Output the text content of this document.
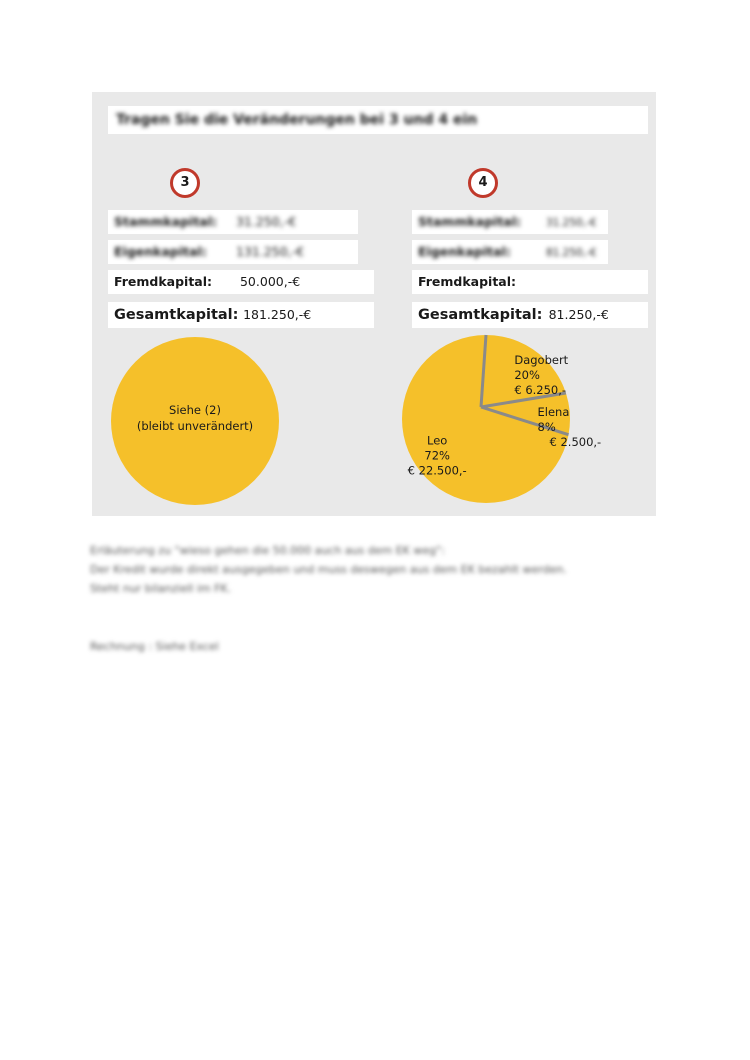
Tragen Sie die Veränderungen bei 3 und 4 ein
3
Stammkapital: 31.250,-€
Eigenkapital: 131.250,-€
Fremdkapital: 50.000,-€
Gesamtkapital: 181.250,-€
4
Stammkapital: 31.250,-€
Eigenkapital:	81.250,-€
Fremdkapital:
Gesamtkapital: 81.250,-€
Siehe (2)
(bleibt unverändert)
Dagobert
20%
€ 6.250,-
Elena
8%
€ 2.500,-
Leo
72%
€ 22.500,-
Erläuterung zu "wieso gehen die 50.000 auch aus dem EK weg":
Der Kredit wurde direkt ausgegeben und muss deswegen aus dem EK bezahlt werden.
Steht nur bilanziell im FK.
Rechnung : Siehe Excel
